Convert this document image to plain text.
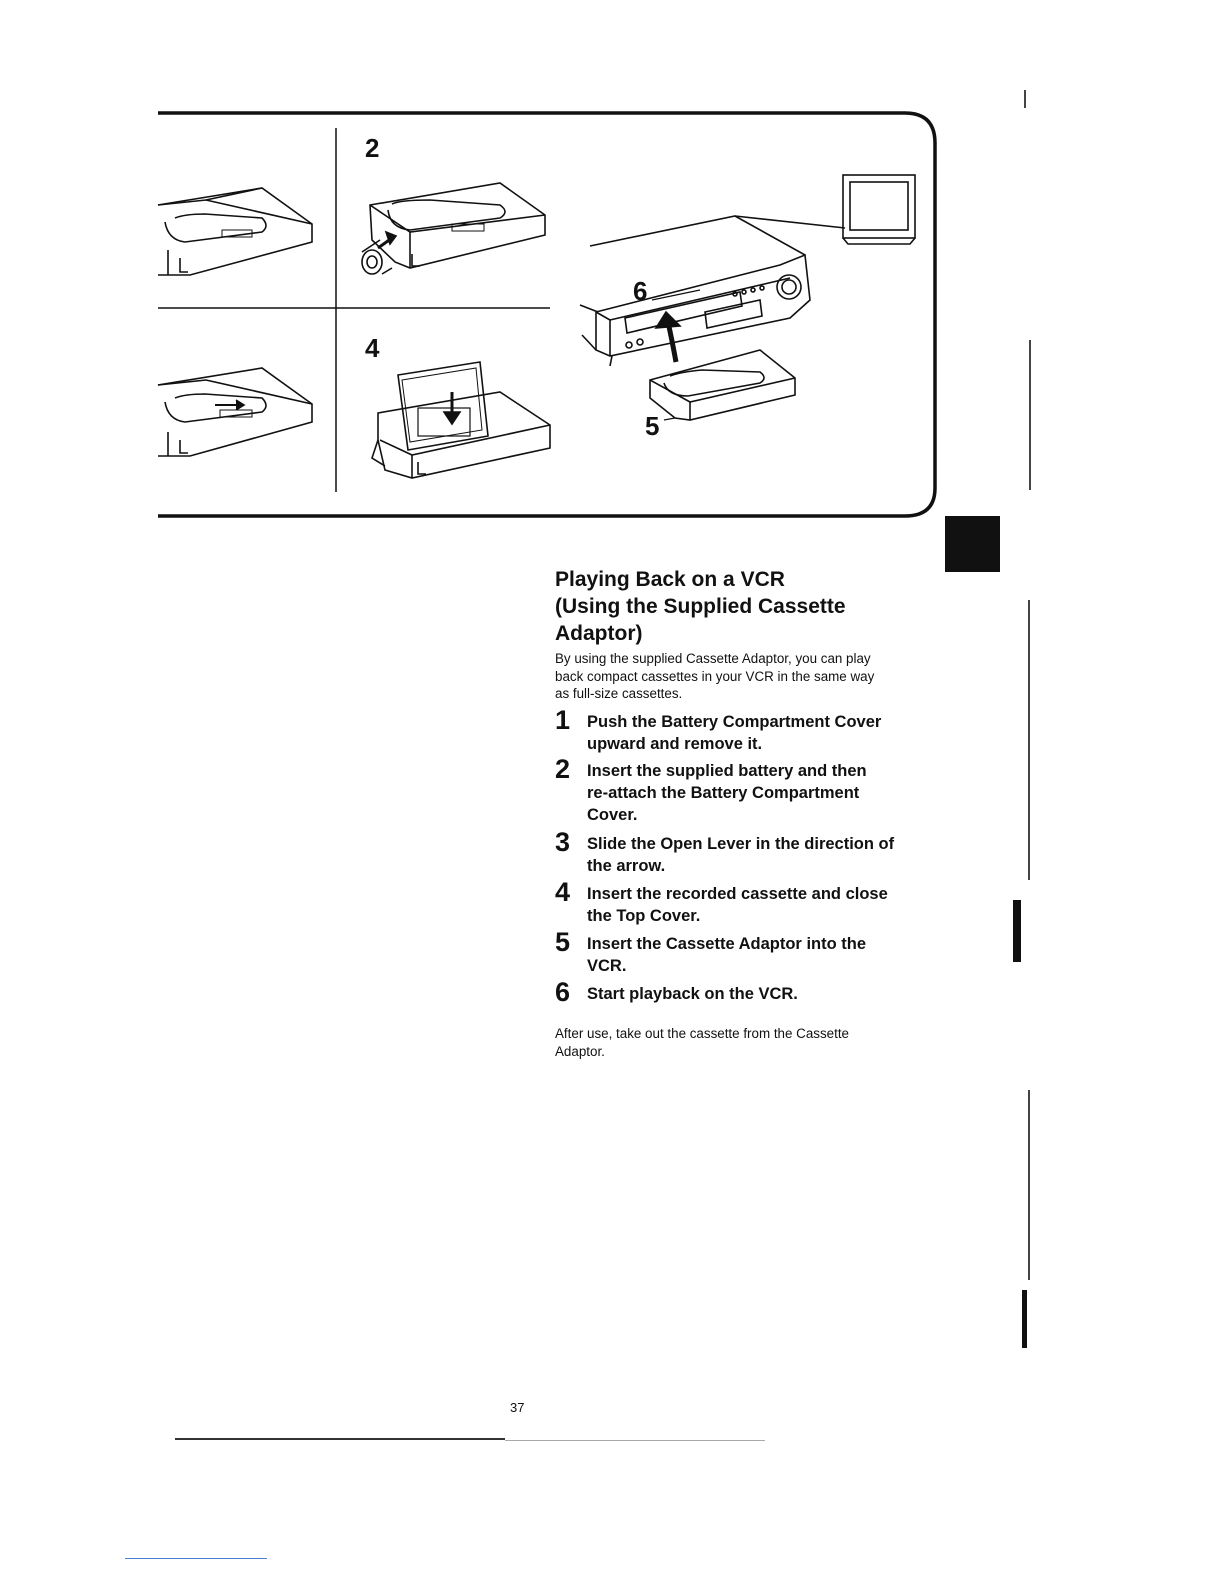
2
4
6
5
Playing Back on a VCR
(Using the Supplied Cassette
Adaptor)
By using the supplied Cassette Adaptor, you can play
back compact cassettes in your VCR in the same way
as full-size cassettes.
1 Push the Battery Compartment Cover
upward and remove it.
2 Insert the supplied battery and then
re-attach the Battery Compartment
Cover.
3 Slide the Open Lever in the direction of
the arrow.
4 Insert the recorded cassette and close
the Top Cover.
5 Insert the Cassette Adaptor into the
VCR.
6 Start playback on the VCR.
After use, take out the cassette from the Cassette
Adaptor.
37
